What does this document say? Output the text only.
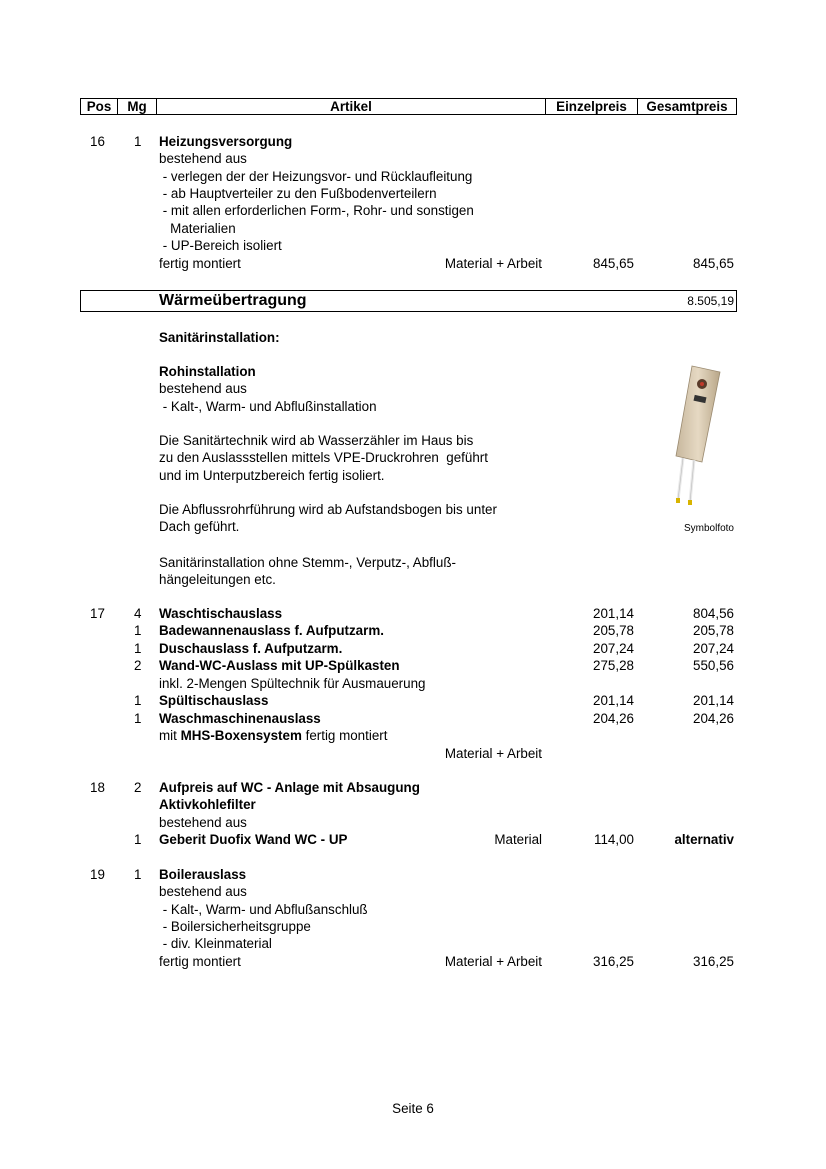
Pos	Mg	Artikel	Einzelpreis	Gesamtpreis
16 1 Heizungsversorgung
bestehend aus
- verlegen der der Heizungsvor- und Rücklaufleitung
- ab Hauptverteiler zu den Fußbodenverteilern
- mit allen erforderlichen Form-, Rohr- und sonstigen
Materialien
- UP-Bereich isoliert
fertig montiert	Material + Arbeit	845,65	845,65
Wärmeübertragung	8.505,19
Sanitärinstallation:
Rohinstallation
bestehend aus
- Kalt-, Warm- und Abflußinstallation
Die Sanitärtechnik wird ab Wasserzähler im Haus bis
zu den Auslassstellen mittels VPE-Druckrohren  geführt
und im Unterputzbereich fertig isoliert.
Die Abflussrohrführung wird ab Aufstandsbogen bis unter
Dach geführt.
Sanitärinstallation ohne Stemm-, Verputz-, Abfluß-
hängeleitungen etc.
Symbolfoto
17 4 Waschtischauslass	201,14	804,56
1 Badewannenauslass f. Aufputzarm.	205,78	205,78
1 Duschauslass f. Aufputzarm.	207,24	207,24
2 Wand-WC-Auslass mit UP-Spülkasten	275,28	550,56
inkl. 2-Mengen Spültechnik für Ausmauerung
1 Spültischauslass	201,14	201,14
1 Waschmaschinenauslass	204,26	204,26
mit MHS-Boxensystem fertig montiert
Material + Arbeit
18 2 Aufpreis auf WC - Anlage mit Absaugung
Aktivkohlefilter
bestehend aus
1 Geberit Duofix Wand WC - UP	Material	114,00	alternativ
19 1 Boilerauslass
bestehend aus
- Kalt-, Warm- und Abflußanschluß
- Boilersicherheitsgruppe
- div. Kleinmaterial
fertig montiert	Material + Arbeit	316,25	316,25
Seite 6
